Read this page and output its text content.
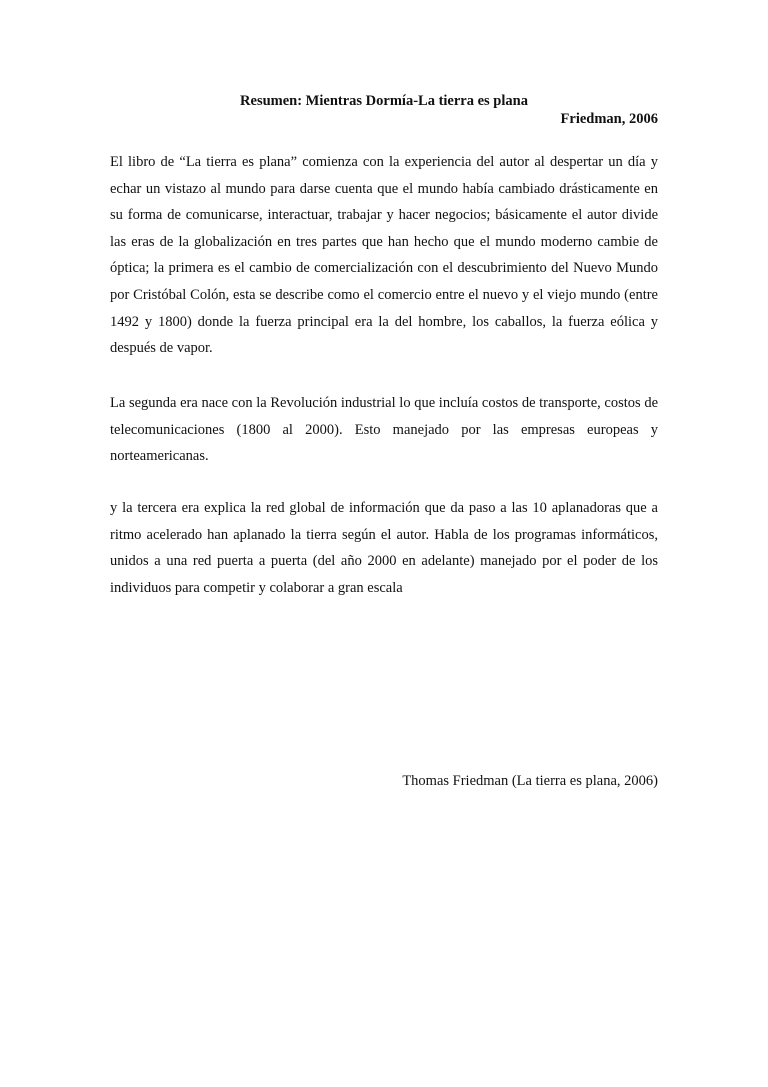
Resumen: Mientras Dormía-La tierra es plana
Friedman, 2006

El libro de “La tierra es plana” comienza con la experiencia del autor al despertar un día y echar un vistazo al mundo para darse cuenta que el mundo había cambiado drásticamente en su forma de comunicarse, interactuar, trabajar y hacer negocios; básicamente el autor divide las eras de la globalización en tres partes que han hecho que el mundo moderno cambie de óptica; la primera es el cambio de comercialización con el descubrimiento del Nuevo Mundo por Cristóbal Colón, esta se describe como el comercio entre el nuevo y el viejo mundo (entre 1492 y 1800) donde la fuerza principal era la del hombre, los caballos, la fuerza eólica y después de vapor.

La segunda era nace con la Revolución industrial lo que incluía costos de transporte, costos de telecomunicaciones (1800 al 2000). Esto manejado por las empresas europeas y norteamericanas.

y la tercera era explica la red global de información que da paso a las 10 aplanadoras que a ritmo acelerado han aplanado la tierra según el autor. Habla de los programas informáticos, unidos a una red puerta a puerta (del año 2000 en adelante) manejado por el poder de los individuos para competir y colaborar a gran escala

Thomas Friedman (La tierra es plana, 2006)
